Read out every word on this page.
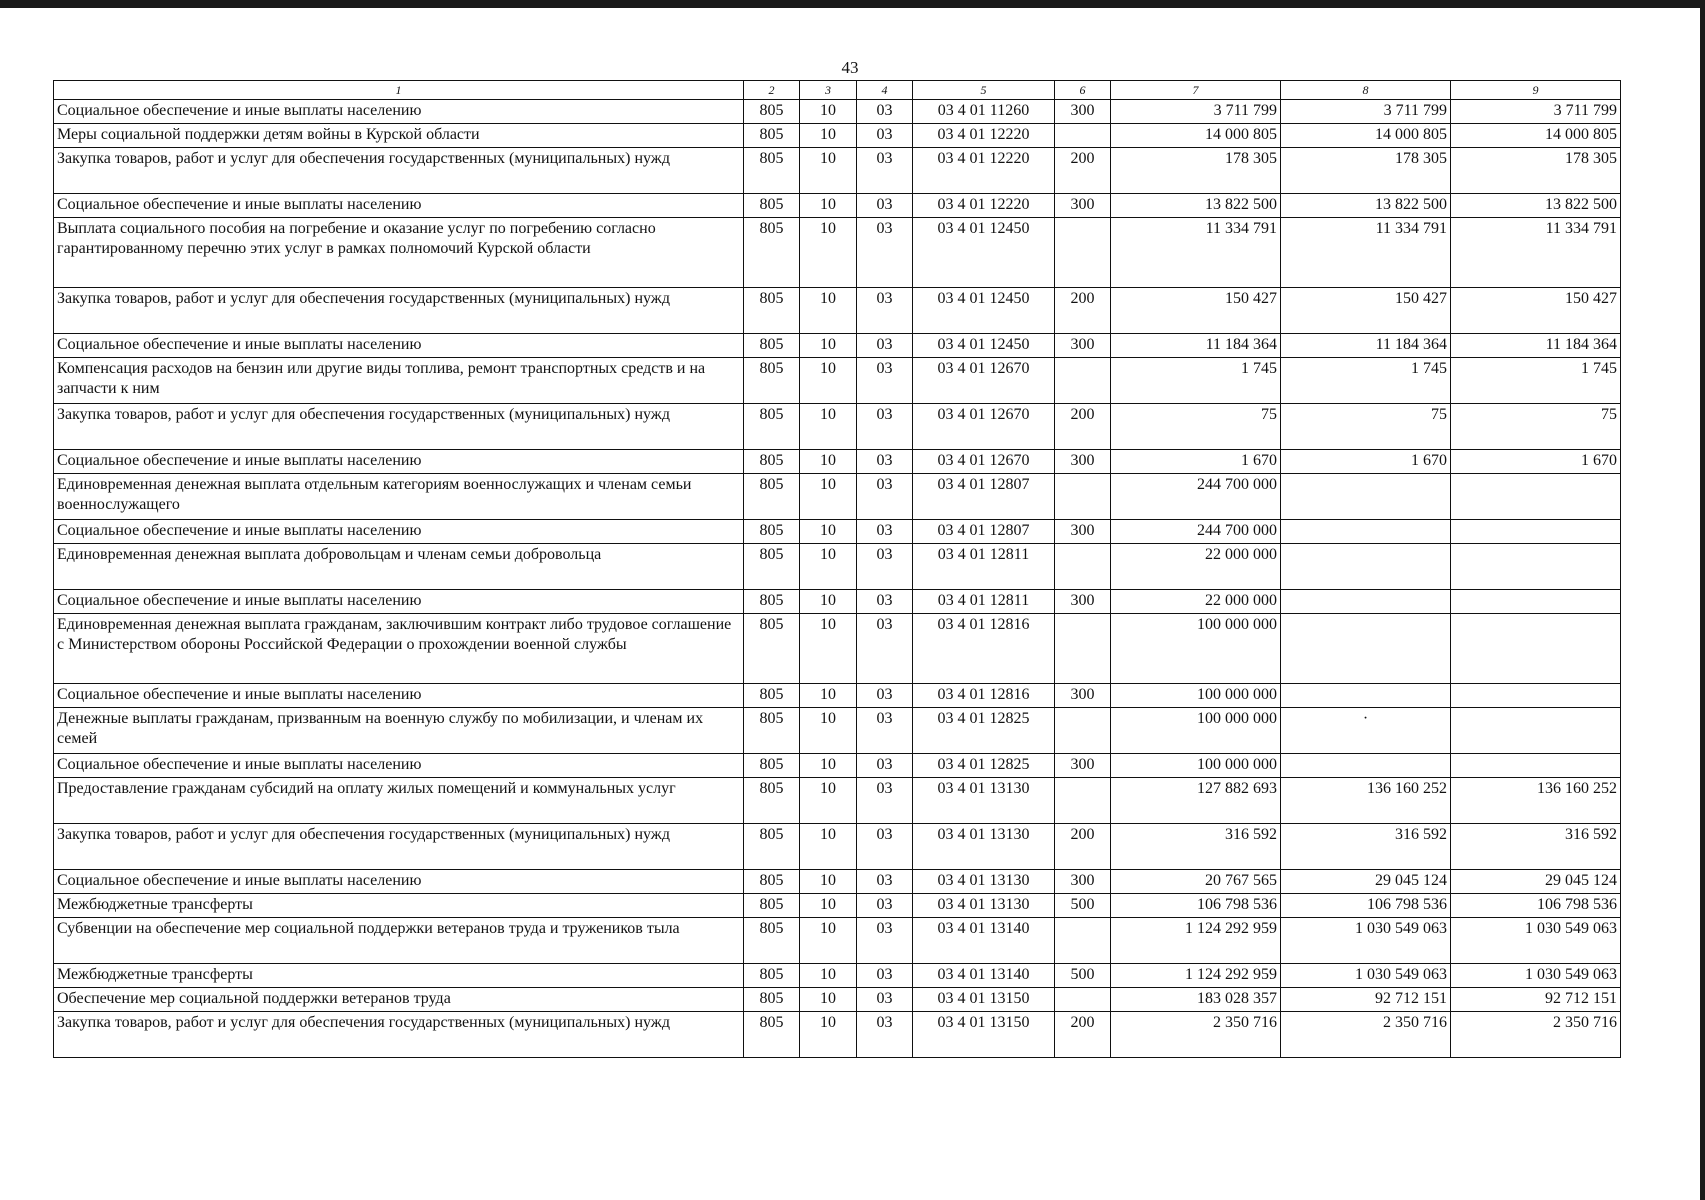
43
1	2	3	4	5	6	7	8	9
Социальное обеспечение и иные выплаты населению	805	10	03	03 4 01 11260	300	3 711 799	3 711 799	3 711 799
Меры социальной поддержки детям войны в Курской области	805	10	03	03 4 01 12220		14 000 805	14 000 805	14 000 805
Закупка товаров, работ и услуг для обеспечения государственных (муниципальных) нужд	805	10	03	03 4 01 12220	200	178 305	178 305	178 305
Социальное обеспечение и иные выплаты населению	805	10	03	03 4 01 12220	300	13 822 500	13 822 500	13 822 500
Выплата социального пособия на погребение и оказание услуг по погребению согласно гарантированному перечню этих услуг в рамках полномочий Курской области	805	10	03	03 4 01 12450		11 334 791	11 334 791	11 334 791
Закупка товаров, работ и услуг для обеспечения государственных (муниципальных) нужд	805	10	03	03 4 01 12450	200	150 427	150 427	150 427
Социальное обеспечение и иные выплаты населению	805	10	03	03 4 01 12450	300	11 184 364	11 184 364	11 184 364
Компенсация расходов на бензин или другие виды топлива, ремонт транспортных средств и на запчасти к ним	805	10	03	03 4 01 12670		1 745	1 745	1 745
Закупка товаров, работ и услуг для обеспечения государственных (муниципальных) нужд	805	10	03	03 4 01 12670	200	75	75	75
Социальное обеспечение и иные выплаты населению	805	10	03	03 4 01 12670	300	1 670	1 670	1 670
Единовременная денежная выплата отдельным категориям военнослужащих и членам семьи военнослужащего	805	10	03	03 4 01 12807		244 700 000		
Социальное обеспечение и иные выплаты населению	805	10	03	03 4 01 12807	300	244 700 000		
Единовременная денежная выплата добровольцам и членам семьи добровольца	805	10	03	03 4 01 12811		22 000 000		
Социальное обеспечение и иные выплаты населению	805	10	03	03 4 01 12811	300	22 000 000		
Единовременная денежная выплата гражданам, заключившим контракт либо трудовое соглашение с Министерством обороны Российской Федерации о прохождении военной службы	805	10	03	03 4 01 12816		100 000 000		
Социальное обеспечение и иные выплаты населению	805	10	03	03 4 01 12816	300	100 000 000		
Денежные выплаты гражданам, призванным на военную службу по мобилизации, и членам их семей	805	10	03	03 4 01 12825		100 000 000	·	
Социальное обеспечение и иные выплаты населению	805	10	03	03 4 01 12825	300	100 000 000		
Предоставление гражданам субсидий на оплату жилых помещений и коммунальных услуг	805	10	03	03 4 01 13130		127 882 693	136 160 252	136 160 252
Закупка товаров, работ и услуг для обеспечения государственных (муниципальных) нужд	805	10	03	03 4 01 13130	200	316 592	316 592	316 592
Социальное обеспечение и иные выплаты населению	805	10	03	03 4 01 13130	300	20 767 565	29 045 124	29 045 124
Межбюджетные трансферты	805	10	03	03 4 01 13130	500	106 798 536	106 798 536	106 798 536
Субвенции на обеспечение мер социальной поддержки ветеранов труда и тружеников тыла	805	10	03	03 4 01 13140		1 124 292 959	1 030 549 063	1 030 549 063
Межбюджетные трансферты	805	10	03	03 4 01 13140	500	1 124 292 959	1 030 549 063	1 030 549 063
Обеспечение мер социальной поддержки ветеранов труда	805	10	03	03 4 01 13150		183 028 357	92 712 151	92 712 151
Закупка товаров, работ и услуг для обеспечения государственных (муниципальных) нужд	805	10	03	03 4 01 13150	200	2 350 716	2 350 716	2 350 716
